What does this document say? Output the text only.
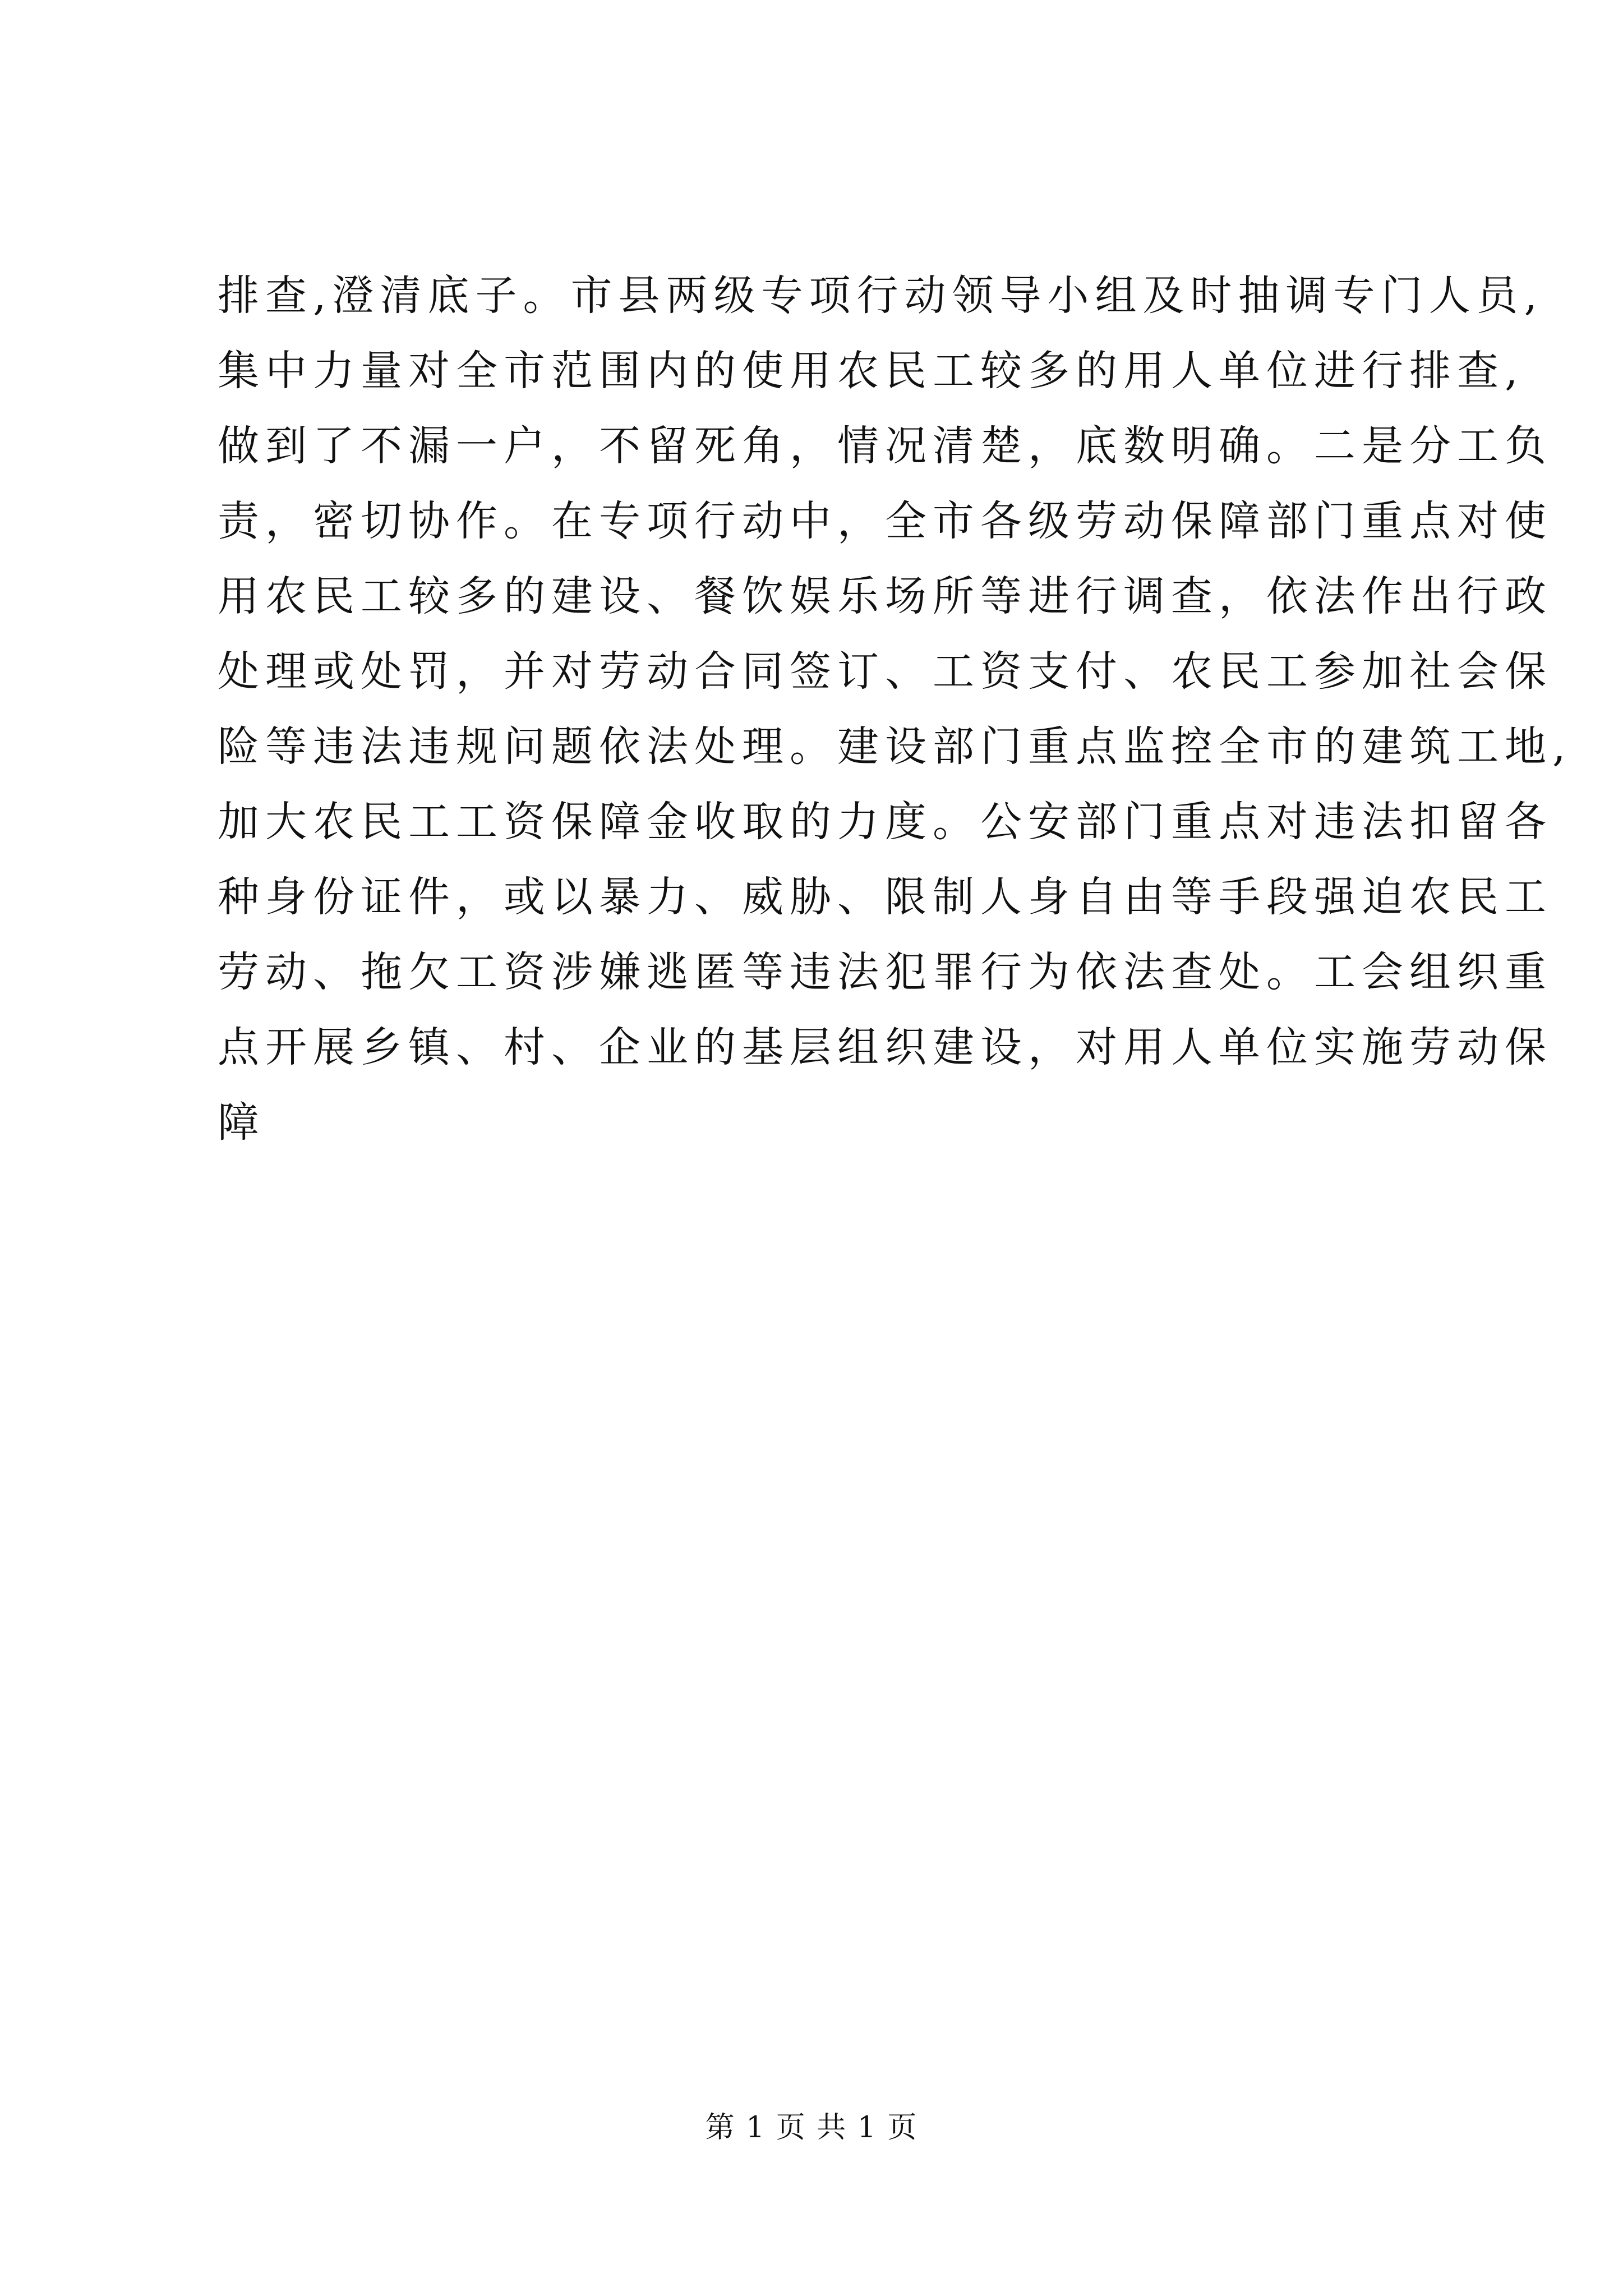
排查,澄清底子。市县两级专项行动领导小组及时抽调专门人员,
集中力量对全市范围内的使用农民工较多的用人单位进行排查,
做到了不漏一户，不留死角，情况清楚，底数明确。二是分工负
责，密切协作。在专项行动中，全市各级劳动保障部门重点对使
用农民工较多的建设、餐饮娱乐场所等进行调查，依法作出行政
处理或处罚，并对劳动合同签订、工资支付、农民工参加社会保
险等违法违规问题依法处理。建设部门重点监控全市的建筑工地,
加大农民工工资保障金收取的力度。公安部门重点对违法扣留各
种身份证件，或以暴力、威胁、限制人身自由等手段强迫农民工
劳动、拖欠工资涉嫌逃匿等违法犯罪行为依法查处。工会组织重
点开展乡镇、村、企业的基层组织建设，对用人单位实施劳动保
障
第 1 页 共 1 页
